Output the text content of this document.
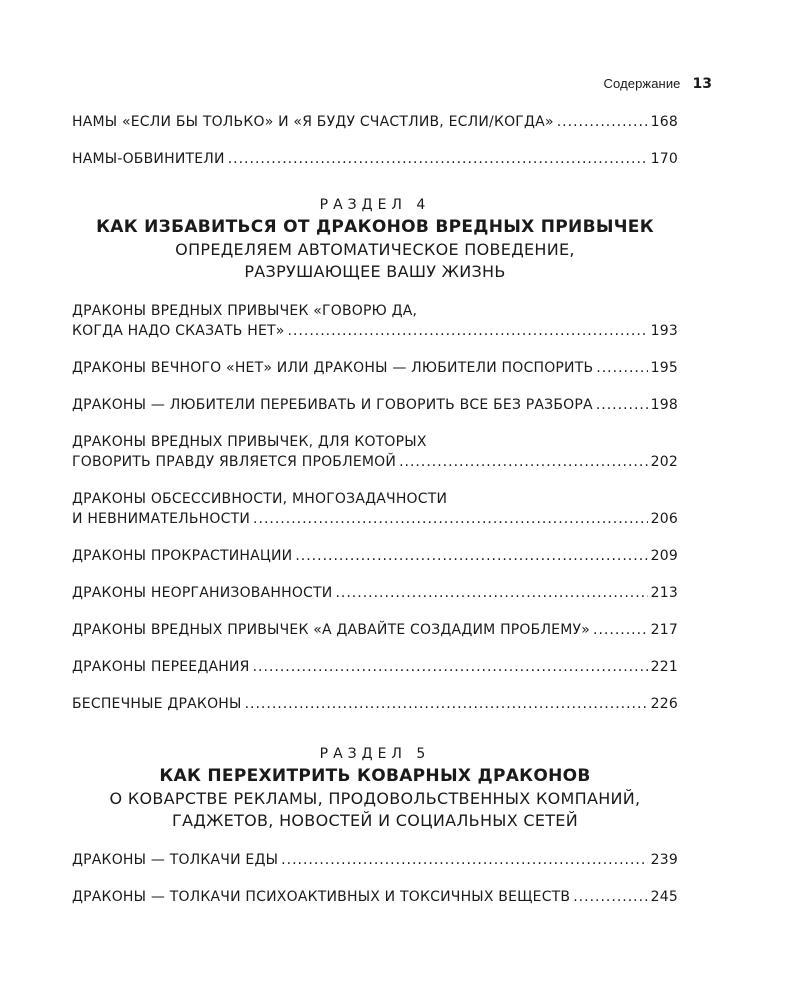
Содержание 13
НАМЫ «ЕСЛИ БЫ ТОЛЬКО» И «Я БУДУ СЧАСТЛИВ, ЕСЛИ/КОГДА» .....	168
НАМЫ-ОБВИНИТЕЛИ .....	170
РАЗДЕЛ 4
КАК ИЗБАВИТЬСЯ ОТ ДРАКОНОВ ВРЕДНЫХ ПРИВЫЧЕК
ОПРЕДЕЛЯЕМ АВТОМАТИЧЕСКОЕ ПОВЕДЕНИЕ,
РАЗРУШАЮЩЕЕ ВАШУ ЖИЗНЬ
ДРАКОНЫ ВРЕДНЫХ ПРИВЫЧЕК «ГОВОРЮ ДА,
КОГДА НАДО СКАЗАТЬ НЕТ» .....	193
ДРАКОНЫ ВЕЧНОГО «НЕТ» ИЛИ ДРАКОНЫ — ЛЮБИТЕЛИ ПОСПОРИТЬ .....	195
ДРАКОНЫ — ЛЮБИТЕЛИ ПЕРЕБИВАТЬ И ГОВОРИТЬ ВСЕ БЕЗ РАЗБОРА .....	198
ДРАКОНЫ ВРЕДНЫХ ПРИВЫЧЕК, ДЛЯ КОТОРЫХ
ГОВОРИТЬ ПРАВДУ ЯВЛЯЕТСЯ ПРОБЛЕМОЙ .....	202
ДРАКОНЫ ОБСЕССИВНОСТИ, МНОГОЗАДАЧНОСТИ
И НЕВНИМАТЕЛЬНОСТИ .....	206
ДРАКОНЫ ПРОКРАСТИНАЦИИ .....	209
ДРАКОНЫ НЕОРГАНИЗОВАННОСТИ .....	213
ДРАКОНЫ ВРЕДНЫХ ПРИВЫЧЕК «А ДАВАЙТЕ СОЗДАДИМ ПРОБЛЕМУ» .....	217
ДРАКОНЫ ПЕРЕЕДАНИЯ .....	221
БЕСПЕЧНЫЕ ДРАКОНЫ .....	226
РАЗДЕЛ 5
КАК ПЕРЕХИТРИТЬ КОВАРНЫХ ДРАКОНОВ
О КОВАРСТВЕ РЕКЛАМЫ, ПРОДОВОЛЬСТВЕННЫХ КОМПАНИЙ,
ГАДЖЕТОВ, НОВОСТЕЙ И СОЦИАЛЬНЫХ СЕТЕЙ
ДРАКОНЫ — ТОЛКАЧИ ЕДЫ .....	239
ДРАКОНЫ — ТОЛКАЧИ ПСИХОАКТИВНЫХ И ТОКСИЧНЫХ ВЕЩЕСТВ .....	245
